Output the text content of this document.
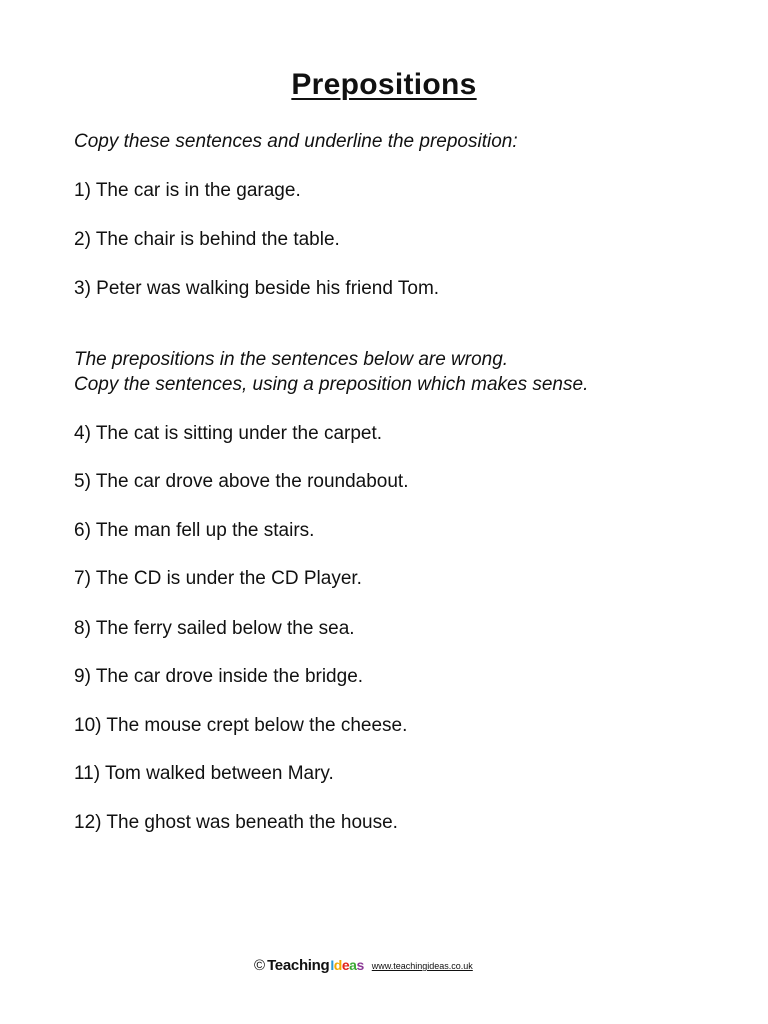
Prepositions
Copy these sentences and underline the preposition:
1) The car is in the garage.
2) The chair is behind the table.
3) Peter was walking beside his friend Tom.
The prepositions in the sentences below are wrong.
Copy the sentences, using a preposition which makes sense.
4) The cat is sitting under the carpet.
5) The car drove above the roundabout.
6) The man fell up the stairs.
7) The CD is under the CD Player.
8) The ferry sailed below the sea.
9) The car drove inside the bridge.
10) The mouse crept below the cheese.
11) Tom walked between Mary.
12) The ghost was beneath the house.
© Teaching I d e a s www.teachingideas.co.uk
